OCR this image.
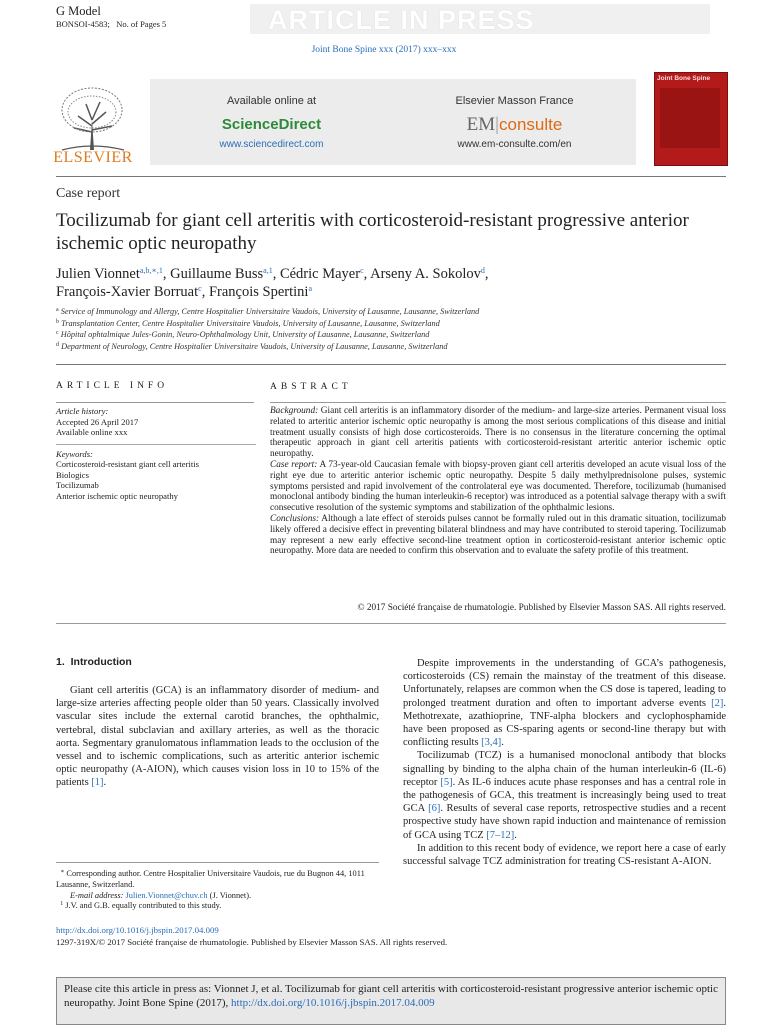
G Model
BONSOI-4583; No. of Pages 5	ARTICLE IN PRESS
Joint Bone Spine xxx (2017) xxx–xxx
ELSEVIER
Available online at
ScienceDirect
www.sciencedirect.com
Elsevier Masson France
EM|consulte
www.em-consulte.com/en
Joint Bone Spine
Case report
Tocilizumab for giant cell arteritis with corticosteroid-resistant progressive anterior ischemic optic neuropathy
Julien Vionnet$^{a,b,∗,1}$, Guillaume Buss$^{a,1}$, Cédric Mayer$^c$, Arseny A. Sokolov$^d$,
François-Xavier Borruat$^c$, François Spertini$^a$
$^a$ Service of Immunology and Allergy, Centre Hospitalier Universitaire Vaudois, University of Lausanne, Lausanne, Switzerland
$^b$ Transplantation Center, Centre Hospitalier Universitaire Vaudois, University of Lausanne, Lausanne, Switzerland
$^c$ Hôpital ophtalmique Jules-Gonin, Neuro-Ophthalmology Unit, University of Lausanne, Lausanne, Switzerland
$^d$ Department of Neurology, Centre Hospitalier Universitaire Vaudois, University of Lausanne, Lausanne, Switzerland
ARTICLE INFO
Article history:
Accepted 26 April 2017
Available online xxx
Keywords:
Corticosteroid-resistant giant cell arteritis
Biologics
Tocilizumab
Anterior ischemic optic neuropathy
ABSTRACT
Background: Giant cell arteritis is an inflammatory disorder of the medium- and large-size arteries. Permanent visual loss related to arteritic anterior ischemic optic neuropathy is among the most serious complications of this disease and initial treatment usually consists of high dose corticosteroids. There is no consensus in the literature concerning the optimal therapeutic approach in giant cell arteritis patients with corticosteroid-resistant arteritic anterior ischemic optic neuropathy.
Case report: A 73-year-old Caucasian female with biopsy-proven giant cell arteritis developed an acute visual loss of the right eye due to arteritic anterior ischemic optic neuropathy. Despite 5 daily methylprednisolone pulses, systemic symptoms persisted and rapid involvement of the controlateral eye was documented. Therefore, tocilizumab (humanised monoclonal antibody binding the human interleukin-6 receptor) was introduced as a potential salvage therapy with a swift consecutive resolution of the systemic symptoms and stabilization of the ophthalmic lesions.
Conclusions: Although a late effect of steroids pulses cannot be formally ruled out in this dramatic situation, tocilizumab likely offered a decisive effect in preventing bilateral blindness and may have contributed to steroid tapering. Tocilizumab may represent a new early effective second-line treatment option in corticosteroid-resistant anterior ischemic optic neuropathy. More data are needed to confirm this observation and to evaluate the safety profile of this treatment.
© 2017 Société française de rhumatologie. Published by Elsevier Masson SAS. All rights reserved.
1. Introduction

Giant cell arteritis (GCA) is an inflammatory disorder of medium- and large-size arteries affecting people older than 50 years. Classically involved vascular sites include the external carotid branches, the ophthalmic, vertebral, distal subclavian and axillary arteries, as well as the thoracic aorta. Segmentary granulomatous inflammation leads to the occlusion of the vessel and to ischemic complications, such as arteritic anterior ischemic optic neuropathy (A-AION), which causes vision loss in 10 to 15% of the patients [1].

Despite improvements in the understanding of GCA’s pathogenesis, corticosteroids (CS) remain the mainstay of the treatment of this disease. Unfortunately, relapses are common when the CS dose is tapered, leading to prolonged treatment duration and often to important adverse events [2]. Methotrexate, azathioprine, TNF-alpha blockers and cyclophosphamide have been proposed as CS-sparing agents or second-line therapy but with conflicting results [3,4].

Tocilizumab (TCZ) is a humanised monoclonal antibody that blocks signalling by binding to the alpha chain of the human interleukin-6 (IL-6) receptor [5]. As IL-6 induces acute phase responses and has a central role in the pathogenesis of GCA, this treatment is increasingly being used to treat GCA [6]. Results of several case reports, retrospective studies and a recent prospective study have shown rapid induction and maintenance of remission of GCA using TCZ [7–12].

In addition to this recent body of evidence, we report here a case of early successful salvage TCZ administration for treating CS-resistant A-AION.

∗ Corresponding author. Centre Hospitalier Universitaire Vaudois, rue du Bugnon 44, 1011 Lausanne, Switzerland.
E-mail address: Julien.Vionnet@chuv.ch (J. Vionnet).
$^1$ J.V. and G.B. equally contributed to this study.
http://dx.doi.org/10.1016/j.jbspin.2017.04.009
1297-319X/© 2017 Société française de rhumatologie. Published by Elsevier Masson SAS. All rights reserved.
Please cite this article in press as: Vionnet J, et al. Tocilizumab for giant cell arteritis with corticosteroid-resistant progressive anterior ischemic optic neuropathy. Joint Bone Spine (2017), http://dx.doi.org/10.1016/j.jbspin.2017.04.009
